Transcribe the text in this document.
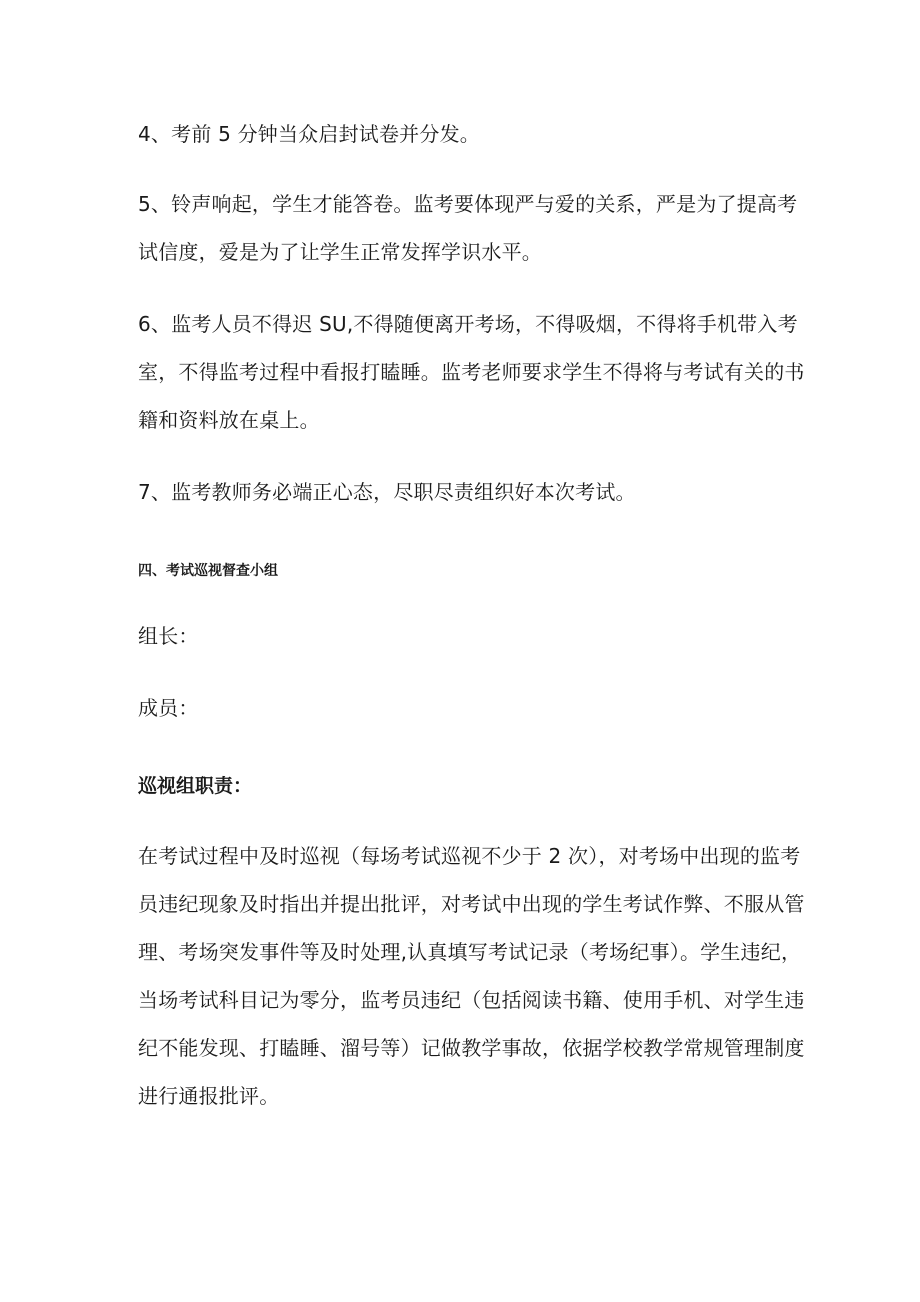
4、考前 5 分钟当众启封试卷并分发。
5、铃声响起，学生才能答卷。监考要体现严与爱的关系，严是为了提高考
试信度，爱是为了让学生正常发挥学识水平。
6、监考人员不得迟 SU,不得随便离开考场，不得吸烟，不得将手机带入考
室，不得监考过程中看报打瞌睡。监考老师要求学生不得将与考试有关的书
籍和资料放在桌上。
7、监考教师务必端正心态，尽职尽责组织好本次考试。
四、考试巡视督查小组
组长：
成员：
巡视组职责：
在考试过程中及时巡视（每场考试巡视不少于 2 次），对考场中出现的监考
员违纪现象及时指出并提出批评，对考试中出现的学生考试作弊、不服从管
理、考场突发事件等及时处理,认真填写考试记录（考场纪事）。学生违纪，
当场考试科目记为零分，监考员违纪（包括阅读书籍、使用手机、对学生违
纪不能发现、打瞌睡、溜号等）记做教学事故，依据学校教学常规管理制度
进行通报批评。
